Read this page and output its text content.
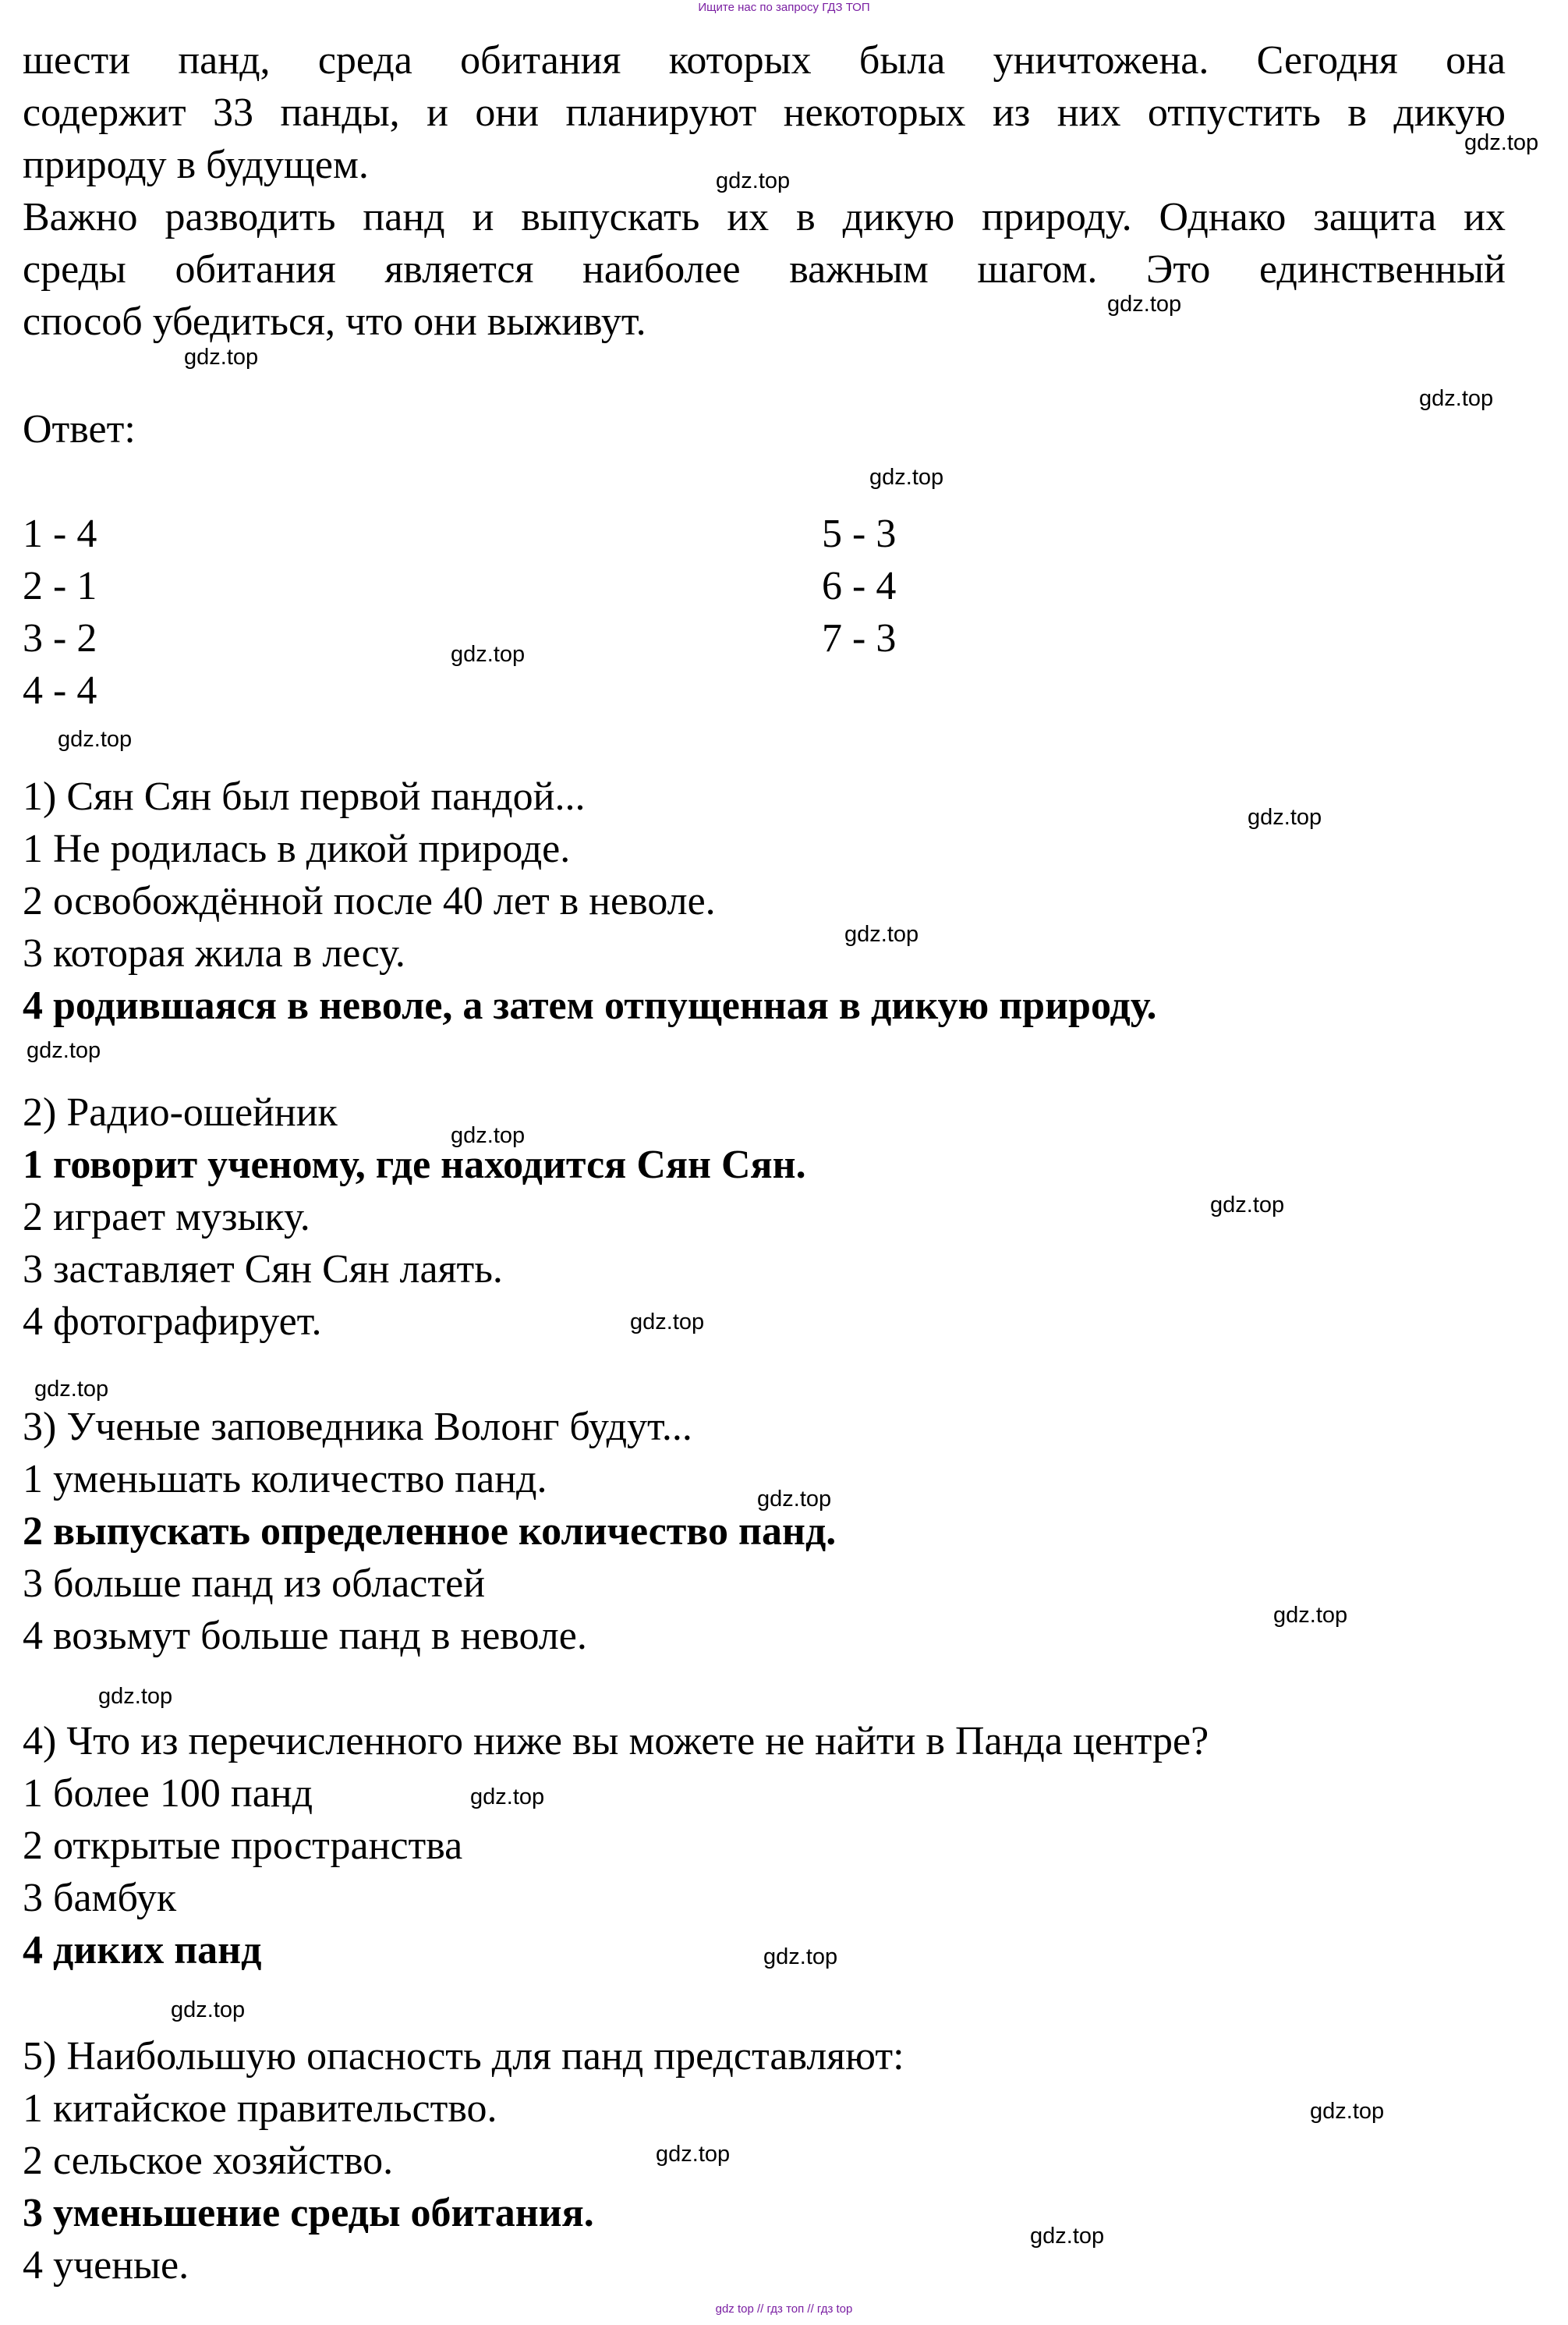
Ищите нас по запросу ГДЗ ТОП
шести панд, среда обитания которых была уничтожена. Сегодня она
содержит 33 панды, и они планируют некоторых из них отпустить в дикую
природу в будущем.
Важно разводить панд и выпускать их в дикую природу. Однако защита их
среды обитания является наиболее важным шагом. Это единственный
способ убедиться, что они выживут.
Ответ:
1 - 4
2 - 1
3 - 2
4 - 4
5 - 3
6 - 4
7 - 3
1) Сян Сян был первой пандой...
1 Не родилась в дикой природе.
2 освобождённой после 40 лет в неволе.
3 которая жила в лесу.
4 родившаяся в неволе, а затем отпущенная в дикую природу.
2) Радио-ошейник
1 говорит ученому, где находится Сян Сян.
2 играет музыку.
3 заставляет Сян Сян лаять.
4 фотографирует.
3) Ученые заповедника Волонг будут...
1 уменьшать количество панд.
2 выпускать определенное количество панд.
3 больше панд из областей
4 возьмут больше панд в неволе.
4) Что из перечисленного ниже вы можете не найти в Панда центре?
1 более 100 панд
2 открытые пространства
3 бамбук
4 диких панд
5) Наибольшую опасность для панд представляют:
1 китайское правительство.
2 сельское хозяйство.
3 уменьшение среды обитания.
4 ученые.
gdz.top
gdz.top
gdz.top
gdz.top
gdz.top
gdz.top
gdz.top
gdz.top
gdz.top
gdz.top
gdz.top
gdz.top
gdz.top
gdz.top
gdz.top
gdz.top
gdz.top
gdz.top
gdz.top
gdz.top
gdz.top
gdz.top
gdz.top
gdz.top
gdz top // гдз топ // гдз top
